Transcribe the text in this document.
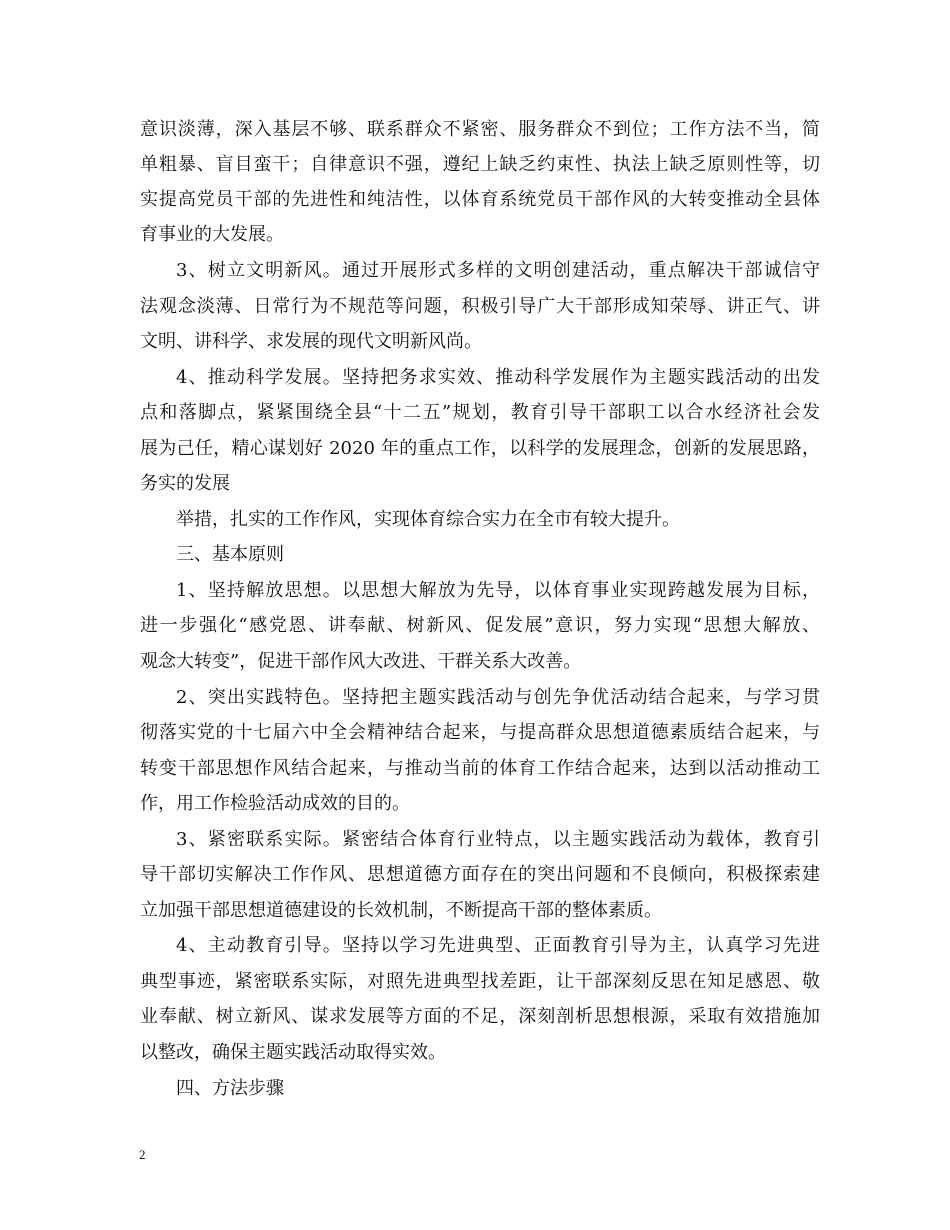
意识淡薄，深入基层不够、联系群众不紧密、服务群众不到位；工作方法不当，简
单粗暴、盲目蛮干；自律意识不强，遵纪上缺乏约束性、执法上缺乏原则性等，切
实提高党员干部的先进性和纯洁性，以体育系统党员干部作风的大转变推动全县体
育事业的大发展。
3、树立文明新风。通过开展形式多样的文明创建活动，重点解决干部诚信守
法观念淡薄、日常行为不规范等问题，积极引导广大干部形成知荣辱、讲正气、讲
文明、讲科学、求发展的现代文明新风尚。
4、推动科学发展。坚持把务求实效、推动科学发展作为主题实践活动的出发
点和落脚点，紧紧围绕全县“十二五”规划，教育引导干部职工以合水经济社会发
展为己任，精心谋划好 2020 年的重点工作，以科学的发展理念，创新的发展思路，
务实的发展
举措，扎实的工作作风，实现体育综合实力在全市有较大提升。
三、基本原则
1、坚持解放思想。以思想大解放为先导，以体育事业实现跨越发展为目标，
进一步强化“感党恩、讲奉献、树新风、促发展”意识，努力实现“思想大解放、
观念大转变”，促进干部作风大改进、干群关系大改善。
2、突出实践特色。坚持把主题实践活动与创先争优活动结合起来，与学习贯
彻落实党的十七届六中全会精神结合起来，与提高群众思想道德素质结合起来，与
转变干部思想作风结合起来，与推动当前的体育工作结合起来，达到以活动推动工
作，用工作检验活动成效的目的。
3、紧密联系实际。紧密结合体育行业特点，以主题实践活动为载体，教育引
导干部切实解决工作作风、思想道德方面存在的突出问题和不良倾向，积极探索建
立加强干部思想道德建设的长效机制，不断提高干部的整体素质。
4、主动教育引导。坚持以学习先进典型、正面教育引导为主，认真学习先进
典型事迹，紧密联系实际，对照先进典型找差距，让干部深刻反思在知足感恩、敬
业奉献、树立新风、谋求发展等方面的不足，深刻剖析思想根源，采取有效措施加
以整改，确保主题实践活动取得实效。
四、方法步骤
2
